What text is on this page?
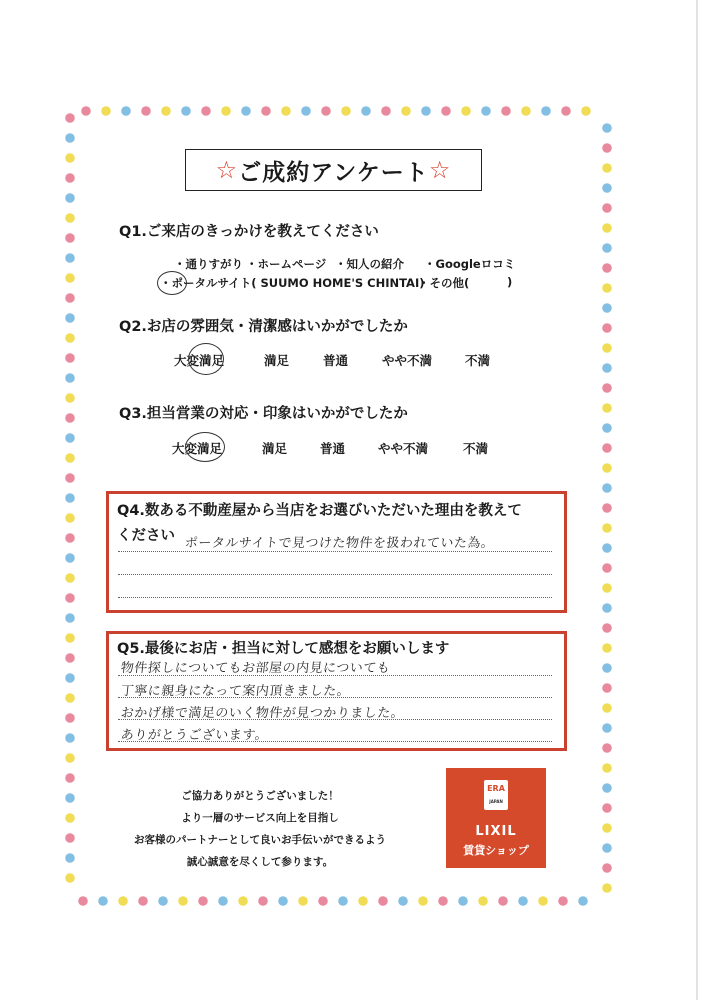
☆ ご成約アンケート ☆
Q1.ご来店のきっかけを教えてください
・通りすがり ・ホームページ ・知人の紹介 ・Googleロコミ
・ポータルサイト( SUUMO HOME'S CHINTAI)
・その他(	)
Q2.お店の雰囲気・清潔感はいかがでしたか
大変満足	満足	普通	やや不満	不満
Q3.担当営業の対応・印象はいかがでしたか
大変満足	満足	普通	やや不満	不満
Q4.数ある不動産屋から当店をお選びいただいた理由を教えて
ください ポータルサイトで見つけた物件を扱われていた為。
Q5.最後にお店・担当に対して感想をお願いします
物件探しについてもお部屋の内見についても
丁寧に親身になって案内頂きました。
おかげ様で満足のいく物件が見つかりました。
ありがとうございます。
ご協力ありがとうございました！
より一層のサービス向上を目指し
お客様のパートナーとして良いお手伝いができるよう
誠心誠意を尽くして参ります。
ERA
JAPAN
LIXIL
賃貸ショップ
